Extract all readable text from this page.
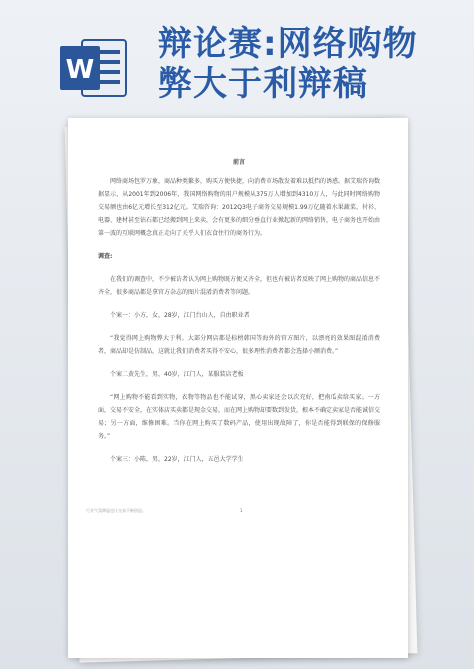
W
辩论赛:网络购物
弊大于利辩稿

前言

网络商场包罗万象，商品种类繁多，购买方便快捷，向消费市场散发着难以抵挡的诱惑。据艾瑞咨询数据显示，从2001年到2006年，我国网络购物的用户规模从375万人增加到4310万人，与此同时网络购物交易额也由6亿元增长至312亿元。艾瑞咨询：2012Q3电子商务交易规模1.99万亿随着水果蔬菜、衬衫、电器、建材甚至钻石都已经搬到网上来卖，会有更多的细分垂直行业掀起新的网络销售，电子商务也开始由第一波的互联网概念真正走向了关乎人们衣食住行的商务行为。

调查:

在我们的调查中，不少被访者认为网上购物既方便又齐全，但也有被访者反映了网上购物的商品信息不齐全，很多商品都是拿官方杂志的图片混淆消费者等问题。

个案一：小方，女，28岁，江门台山人，自由职业者

“我觉得网上购物弊大于利。大部分网店都是标榜韩国等海外的官方图片，以漂亮的效果图混淆消费者，商品却是仿制品，这就让我们消费者买得不安心，很多理性消费者都会选择小额消费。”

个案二黄先生，男，40岁，江门人，某服装店老板

“网上购物不能看到实物，衣物等物品也不能试穿，黑心卖家还会以次充好，把南瓜卖给买家。一方面，交易不安全，在实体店买卖都是现金交易，而在网上购物却要数到发货，根本不确定卖家是否能诚信交易；另一方面，维修困难。当你在网上购买了数码产品，使用出现故障了，你是否能得到联保的保修服务。”

个案三：小陈，男，22岁，江门人，五邑大学学生

行业气氛降温也让交易不断创造。	1
